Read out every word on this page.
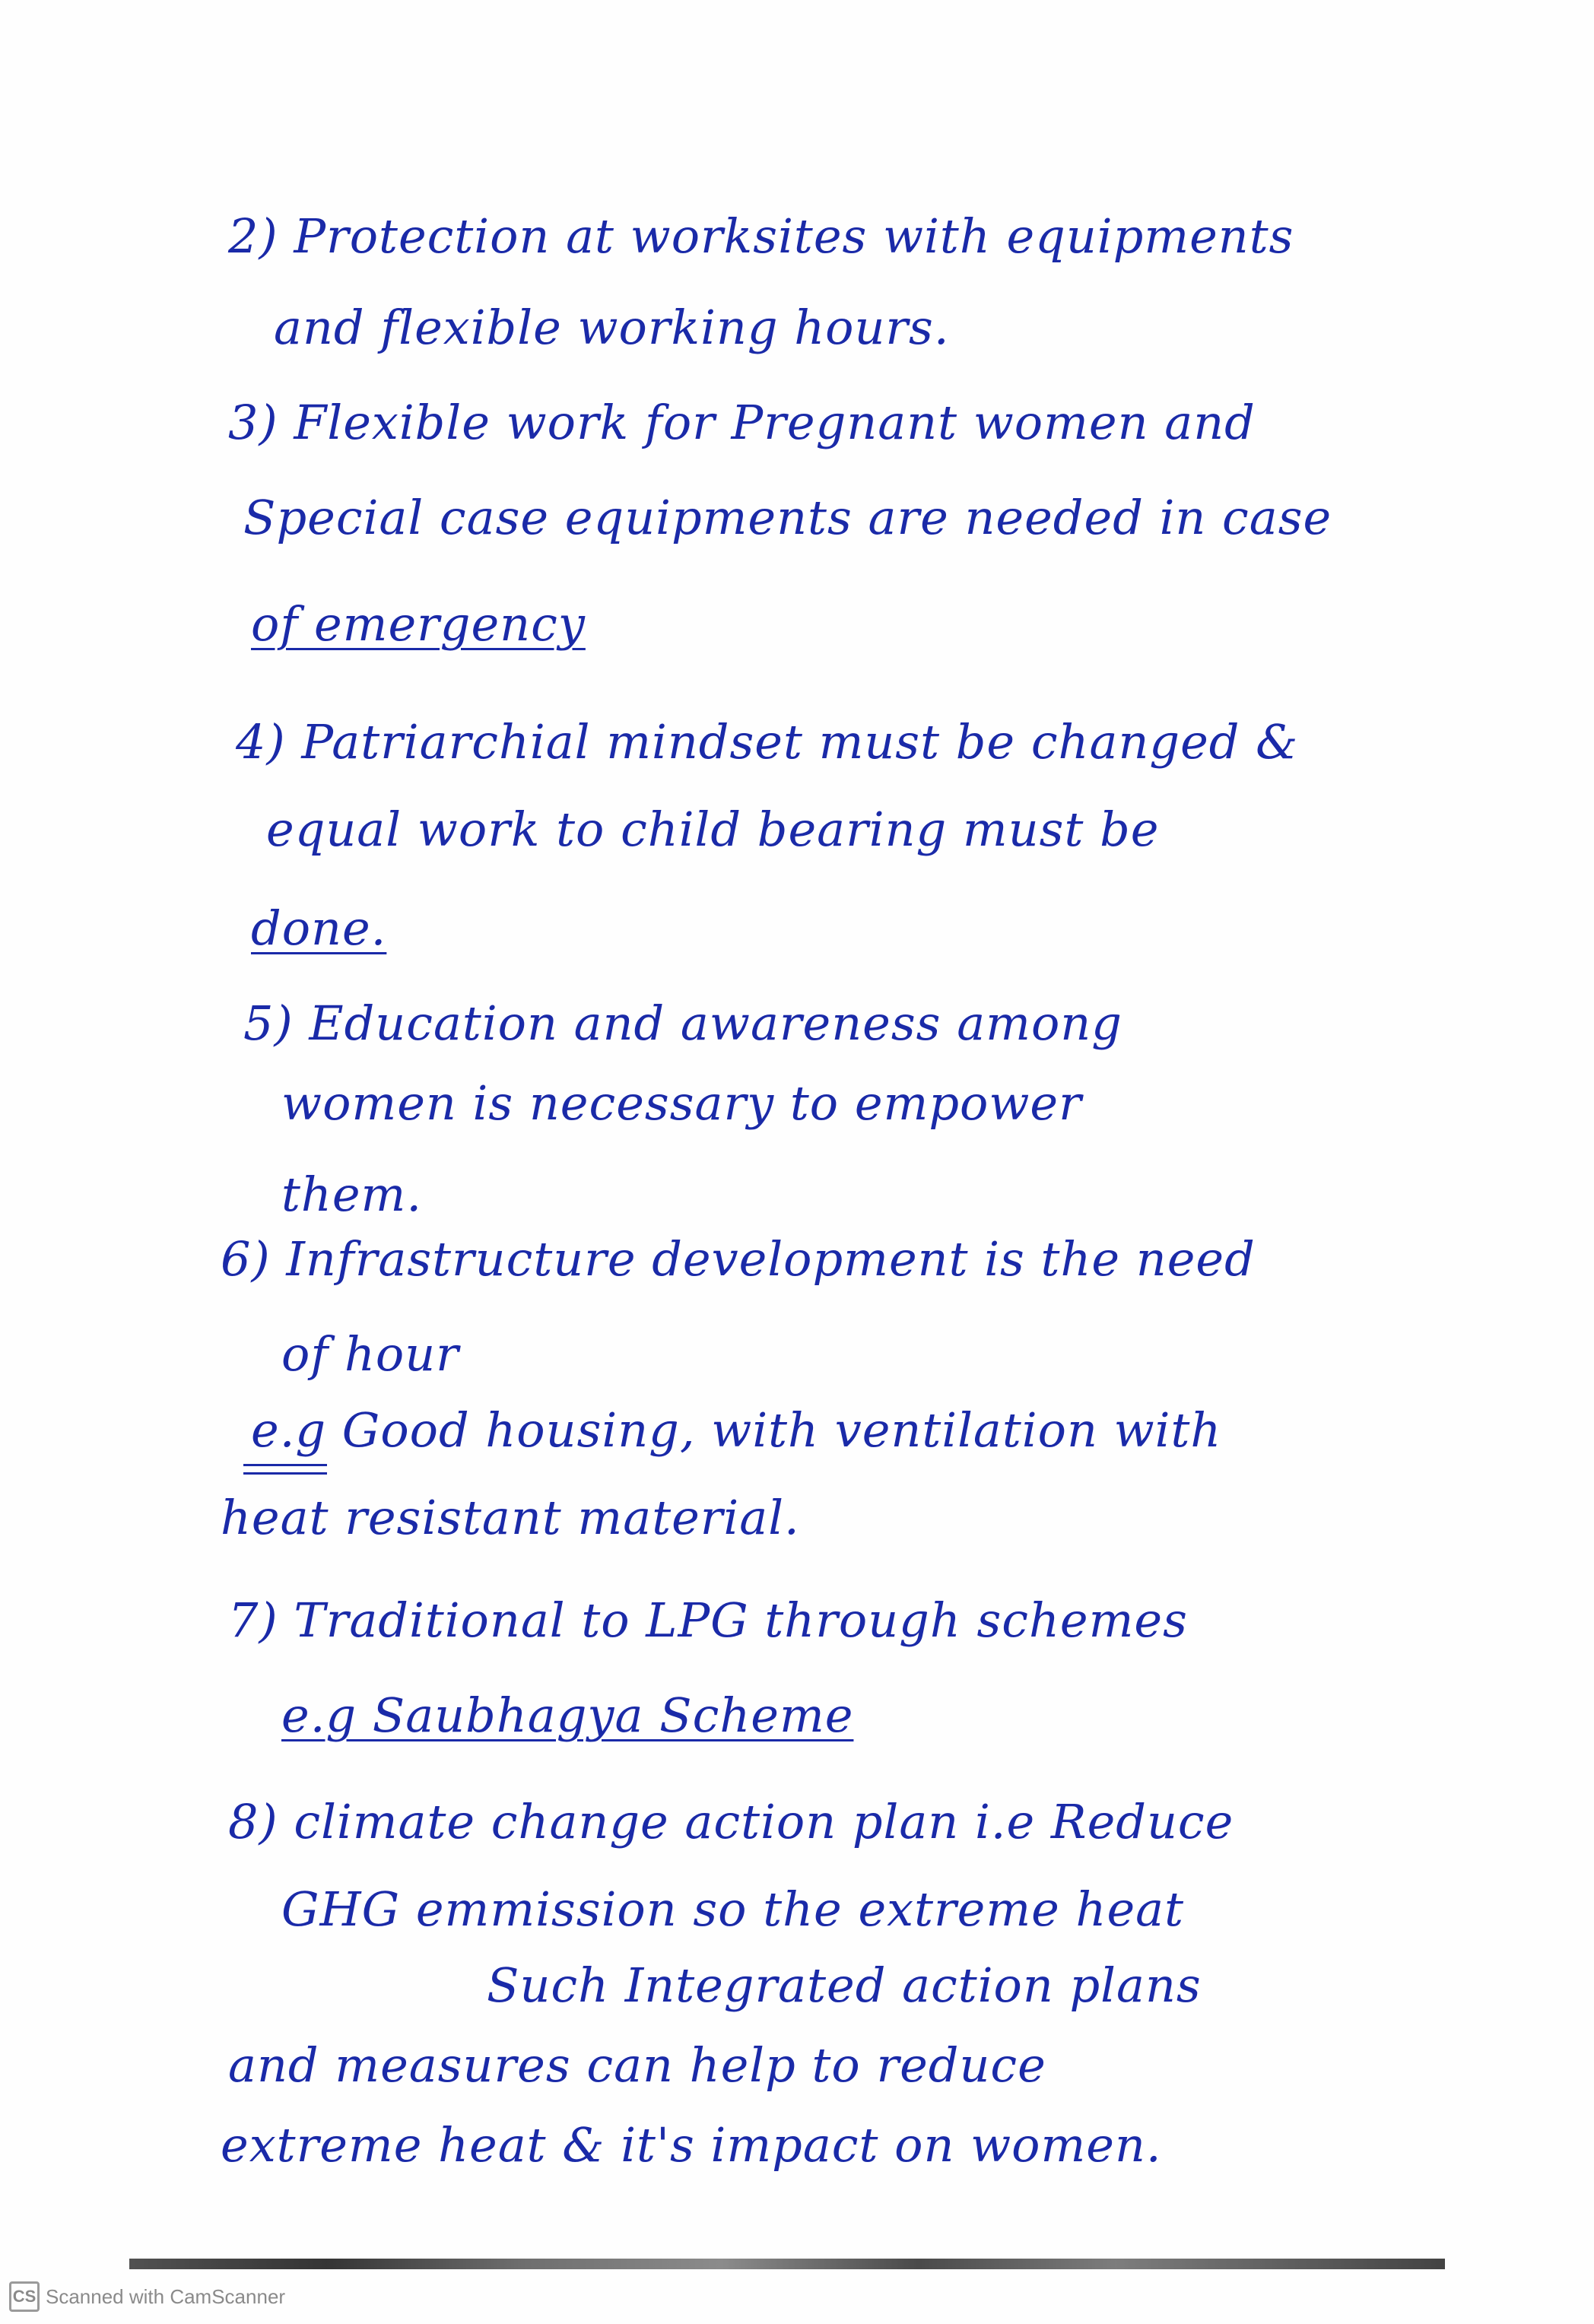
2) Protection at worksites with equipments
and flexible working hours.
3) Flexible work for Pregnant women and
Special case equipments are needed in case
of emergency
4) Patriarchial mindset must be changed &
equal work to child bearing must be
done.
5) Education and awareness among
women is necessary to empower
them.
6) Infrastructure development is the need
of hour
e.g Good housing, with ventilation with
heat resistant material.
7) Traditional to LPG through schemes
e.g Saubhagya Scheme
8) climate change action plan i.e Reduce
GHG emmission so the extreme heat
Such Integrated action plans
and measures can help to reduce
extreme heat & it's impact on women.
CS Scanned with CamScanner
